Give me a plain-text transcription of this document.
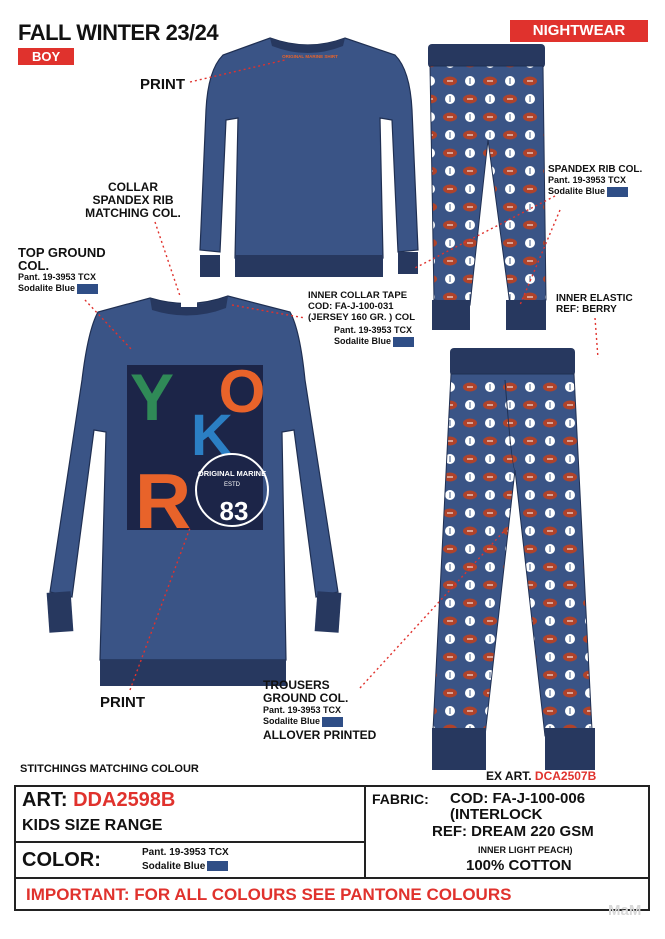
FALL WINTER 23/24
BOY
NIGHTWEAR
ORIGINAL MARINE SHIRT
Y O
K
R ORIGINAL MARINE
ESTD
83
PRINT
COLLAR SPANDEX RIB MATCHING COL.
TOP GROUND COL.
Pant. 19-3953 TCX
Sodalite Blue
INNER COLLAR TAPE COD: FA-J-100-031 (JERSEY 160 GR. ) COL
Pant. 19-3953 TCX
Sodalite Blue
SPANDEX RIB COL.
Pant. 19-3953 TCX
Sodalite Blue
INNER ELASTIC REF: BERRY
PRINT
TROUSERS GROUND COL.
Pant. 19-3953 TCX
Sodalite Blue
ALLOVER PRINTED
STITCHINGS MATCHING COLOUR	EX ART. DCA2507B
ART: DDA2598B
KIDS SIZE RANGE
COLOR:	Pant. 19-3953 TCX
Sodalite Blue
FABRIC: COD: FA-J-100-006
(INTERLOCK
REF: DREAM 220 GSM
INNER LIGHT PEACH)
100% COTTON
IMPORTANT: FOR ALL COLOURS SEE PANTONE COLOURS
MaM
